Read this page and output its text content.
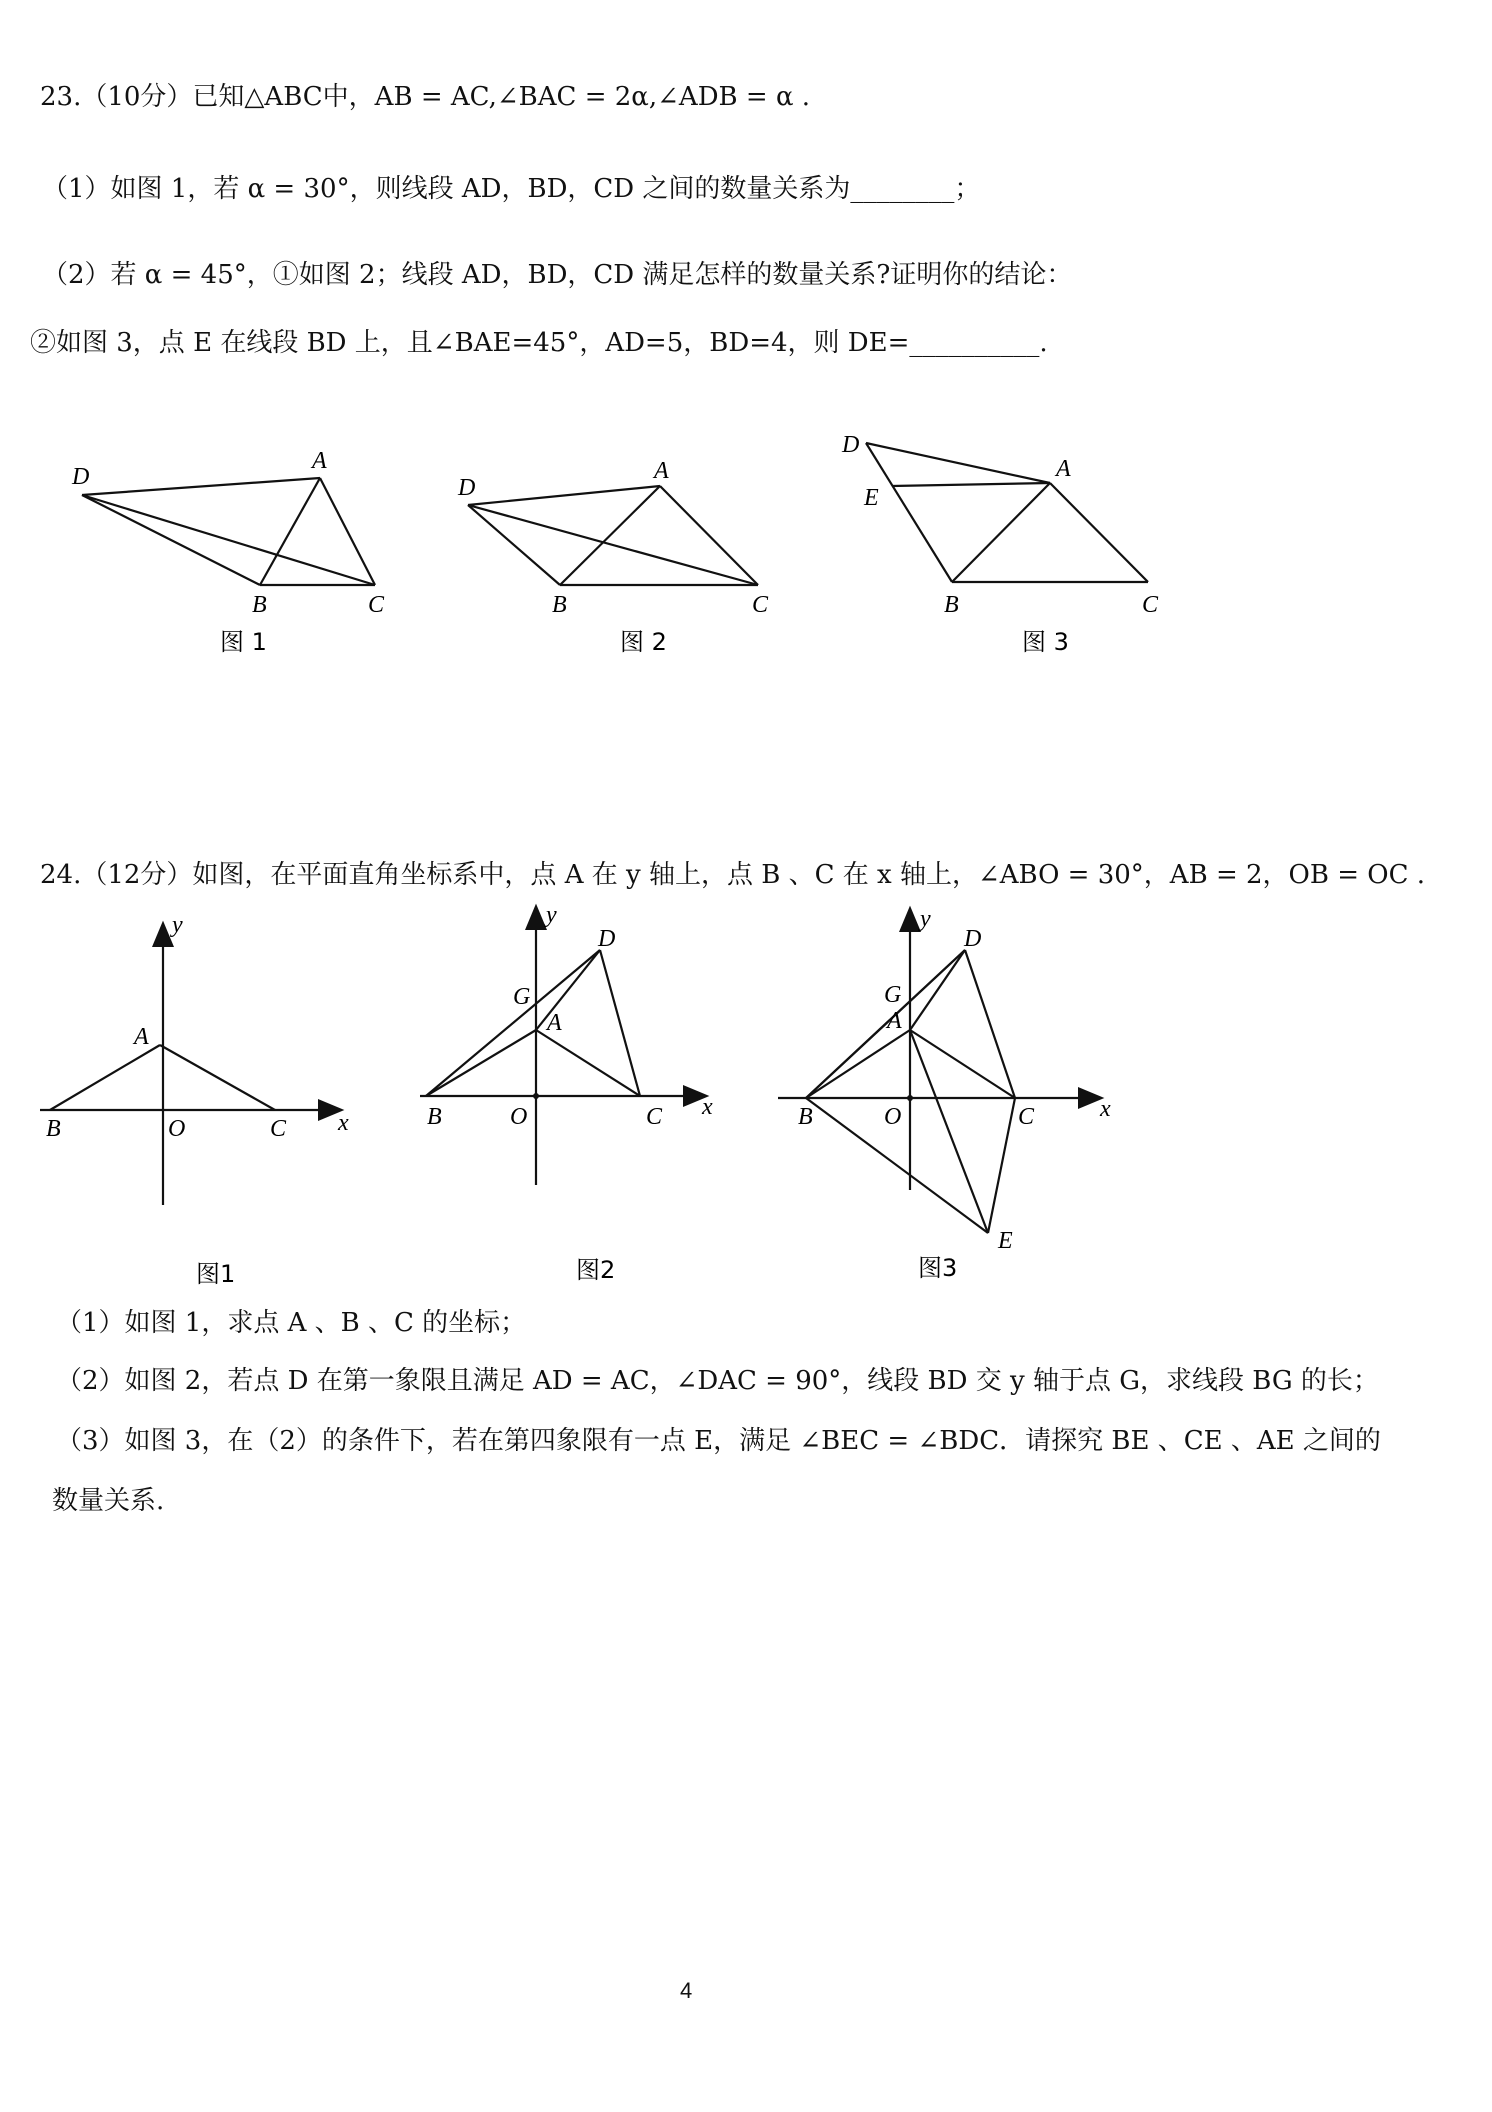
23.（10分）已知△ABC中，AB = AC,∠BAC = 2α,∠ADB = α .
（1）如图 1，若 α = 30°，则线段 AD，BD，CD 之间的数量关系为________；
（2）若 α = 45°，①如图 2；线段 AD，BD，CD 满足怎样的数量关系?证明你的结论：
②如图 3，点 E 在线段 BD 上，且∠BAE=45°，AD=5，BD=4，则 DE=__________.
D
A
B	C
图 1
D
A
B	C
图 2
D
A
E
B	C
图 3
24.（12分）如图，在平面直角坐标系中，点 A 在 y 轴上，点 B 、C 在 x 轴上，∠ABO = 30°，AB = 2，OB = OC .
y
x
A
B	O	C
图1
y
x
D
G
A
B	O	C
图2
y
x
D
G
A
B	O	C
E
图3
（1）如图 1，求点 A 、B 、C 的坐标；
（2）如图 2，若点 D 在第一象限且满足 AD = AC，∠DAC = 90°，线段 BD 交 y 轴于点 G，求线段 BG 的长；
（3）如图 3，在（2）的条件下，若在第四象限有一点 E，满足 ∠BEC = ∠BDC．请探究 BE 、CE 、AE 之间的
数量关系.
4
